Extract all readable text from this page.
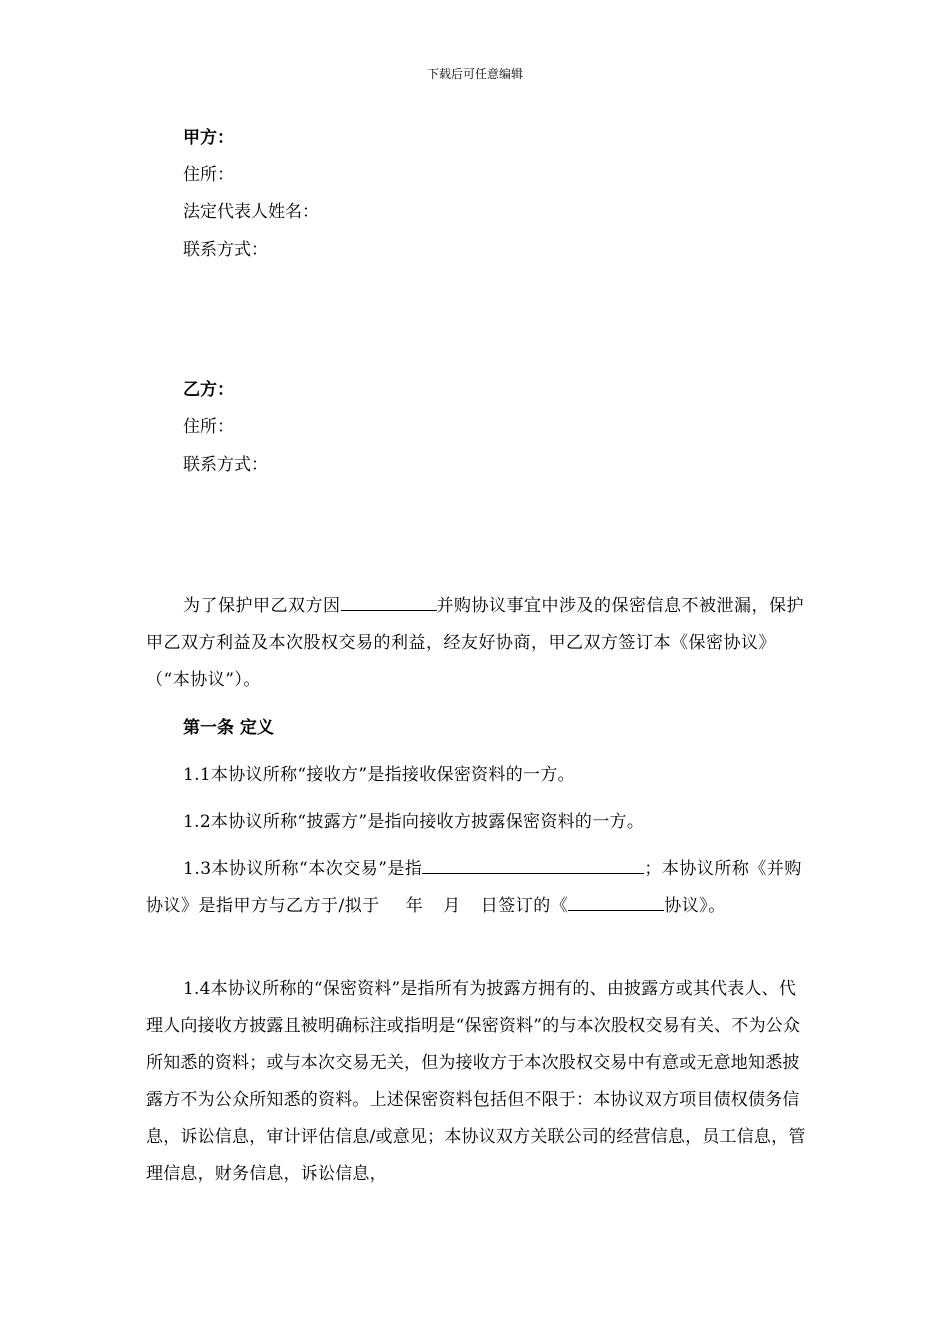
下载后可任意编辑
甲方：
住所：
法定代表人姓名：
联系方式：
乙方：
住所：
联系方式：
为了保护甲乙双方因	并购协议事宜中涉及的保密信息不被泄漏，保护甲乙双方利益及本次股权交易的利益，经友好协商，甲乙双方签订本《保密协议》（“本协议”）。
第一条 定义
1.1本协议所称“接收方”是指接收保密资料的一方。
1.2本协议所称“披露方”是指向接收方披露保密资料的一方。
1.3本协议所称“本次交易”是指	；本协议所称《并购协议》是指甲方与乙方于/拟于 年 月 日签订的《	协议》。
1.4本协议所称的“保密资料”是指所有为披露方拥有的、由披露方或其代表人、代理人向接收方披露且被明确标注或指明是“保密资料”的与本次股权交易有关、不为公众所知悉的资料；或与本次交易无关，但为接收方于本次股权交易中有意或无意地知悉披露方不为公众所知悉的资料。上述保密资料包括但不限于：本协议双方项目债权债务信息，诉讼信息，审计评估信息/或意见；本协议双方关联公司的经营信息，员工信息，管理信息，财务信息，诉讼信息，
